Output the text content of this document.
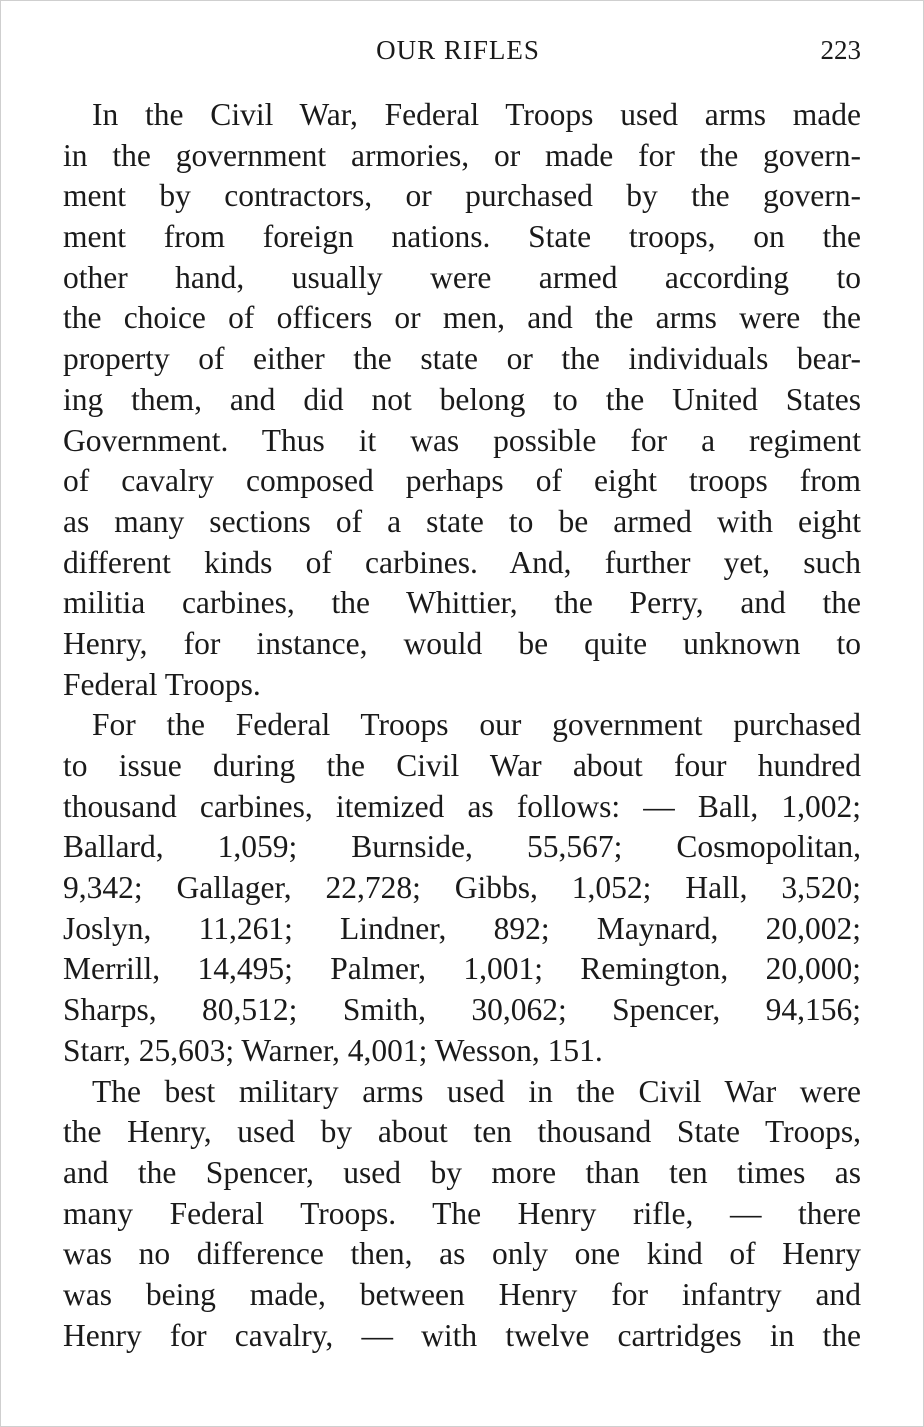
OUR RIFLES	223
In the Civil War, Federal Troops used arms made
in the government armories, or made for the govern-
ment by contractors, or purchased by the govern-
ment from foreign nations. State troops, on the
other hand, usually were armed according to
the choice of officers or men, and the arms were the
property of either the state or the individuals bear-
ing them, and did not belong to the United States
Government. Thus it was possible for a regiment
of cavalry composed perhaps of eight troops from
as many sections of a state to be armed with eight
different kinds of carbines. And, further yet, such
militia carbines, the Whittier, the Perry, and the
Henry, for instance, would be quite unknown to
Federal Troops.
For the Federal Troops our government purchased
to issue during the Civil War about four hundred
thousand carbines, itemized as follows: — Ball, 1,002;
Ballard, 1,059; Burnside, 55,567; Cosmopolitan,
9,342; Gallager, 22,728; Gibbs, 1,052; Hall, 3,520;
Joslyn, 11,261; Lindner, 892; Maynard, 20,002;
Merrill, 14,495; Palmer, 1,001; Remington, 20,000;
Sharps, 80,512; Smith, 30,062; Spencer, 94,156;
Starr, 25,603; Warner, 4,001; Wesson, 151.
The best military arms used in the Civil War were
the Henry, used by about ten thousand State Troops,
and the Spencer, used by more than ten times as
many Federal Troops. The Henry rifle, — there
was no difference then, as only one kind of Henry
was being made, between Henry for infantry and
Henry for cavalry, — with twelve cartridges in the
